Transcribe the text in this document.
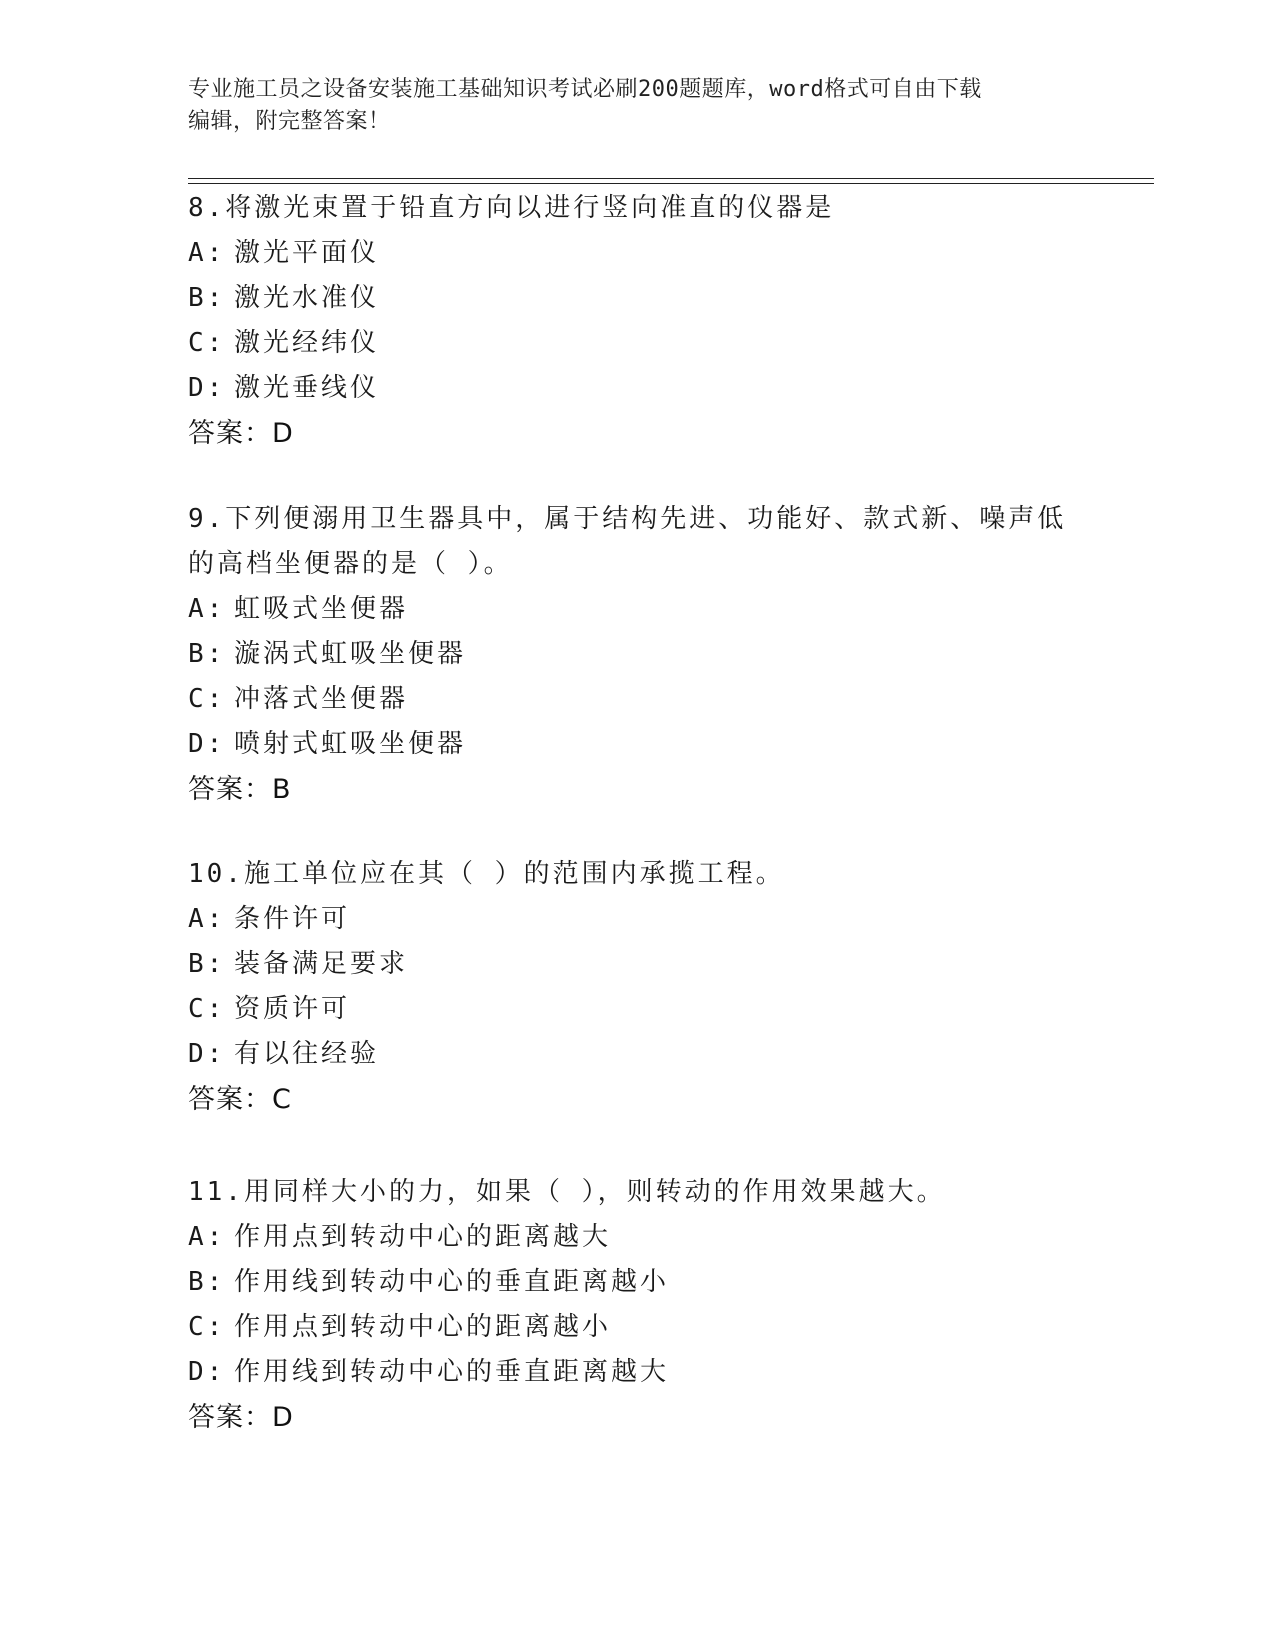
专业施工员之设备安装施工基础知识考试必刷200题题库，word格式可自由下载
编辑，附完整答案！
8.将激光束置于铅直方向以进行竖向准直的仪器是
A: 激光平面仪
B: 激光水准仪
C: 激光经纬仪
D: 激光垂线仪
答案：D
9.下列便溺用卫生器具中，属于结构先进、功能好、款式新、噪声低
的高档坐便器的是（ ）。
A: 虹吸式坐便器
B: 漩涡式虹吸坐便器
C: 冲落式坐便器
D: 喷射式虹吸坐便器
答案：B
10.施工单位应在其（ ）的范围内承揽工程。
A: 条件许可
B: 装备满足要求
C: 资质许可
D: 有以往经验
答案：C
11.用同样大小的力，如果（ ），则转动的作用效果越大。
A: 作用点到转动中心的距离越大
B: 作用线到转动中心的垂直距离越小
C: 作用点到转动中心的距离越小
D: 作用线到转动中心的垂直距离越大
答案：D
